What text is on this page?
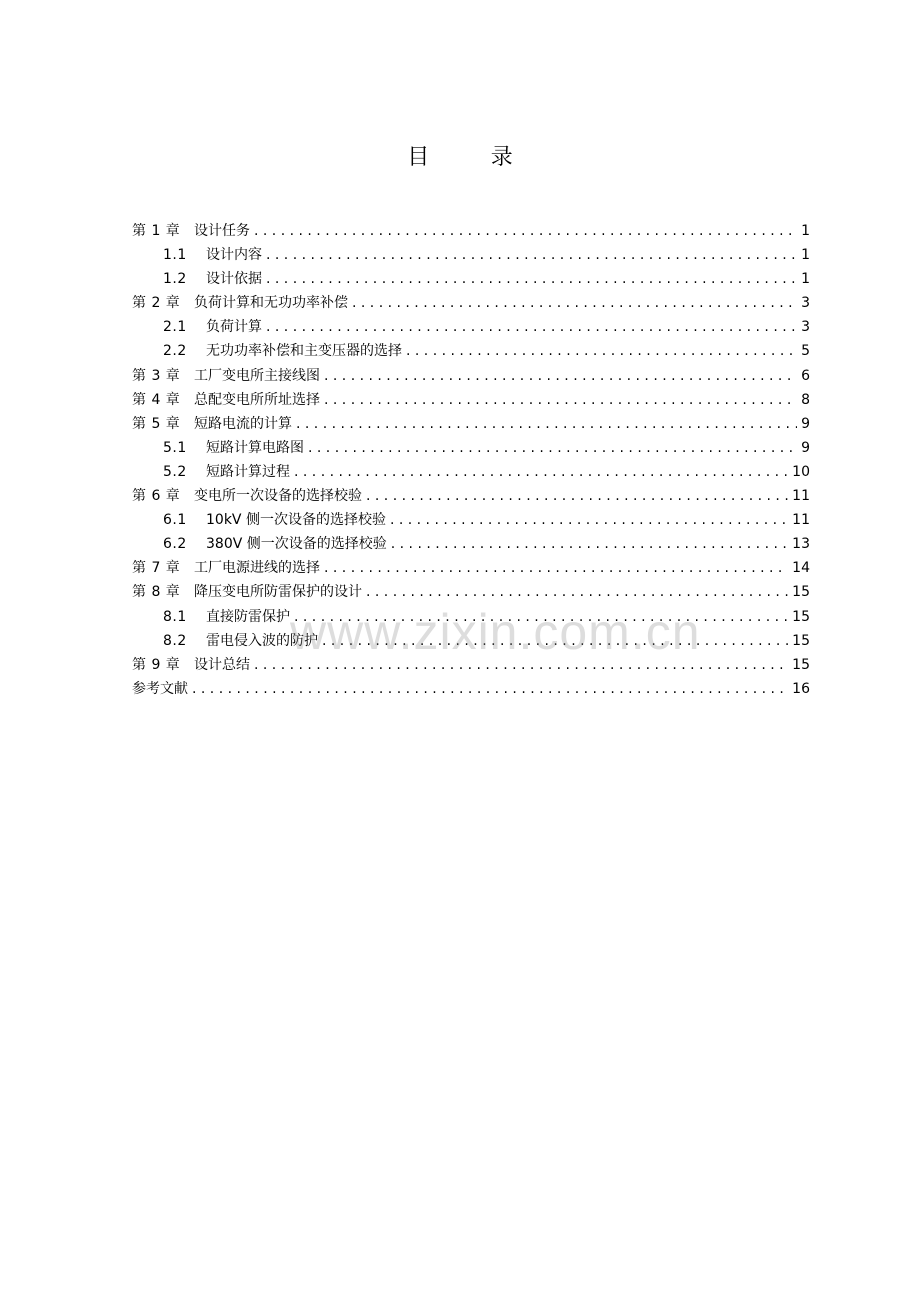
目　录
第 1 章 设计任务 . . .	1
1.1	设计内容 . . .	1
1.2	设计依据 . . .	1
第 2 章 负荷计算和无功功率补偿 . . .	3
2.1	负荷计算 . . .	3
2.2	无功功率补偿和主变压器的选择 . . .	5
第 3 章 工厂变电所主接线图 . . .	6
第 4 章 总配变电所所址选择 . . .	8
第 5 章 短路电流的计算 . . .	9
5.1	短路计算电路图 . . .	9
5.2	短路计算过程 . . .	10
第 6 章 变电所一次设备的选择校验 . . .	11
6.1	10kV 侧一次设备的选择校验 . . .	11
6.2	380V 侧一次设备的选择校验 . . .	13
第 7 章 工厂电源进线的选择 . . .	14
第 8 章 降压变电所防雷保护的设计 . . .	15
8.1	直接防雷保护 . . .	15
8.2	雷电侵入波的防护 . . .	15
第 9 章 设计总结 . . .	15
参考文献 . . .	16
www.zixin.com.cn
